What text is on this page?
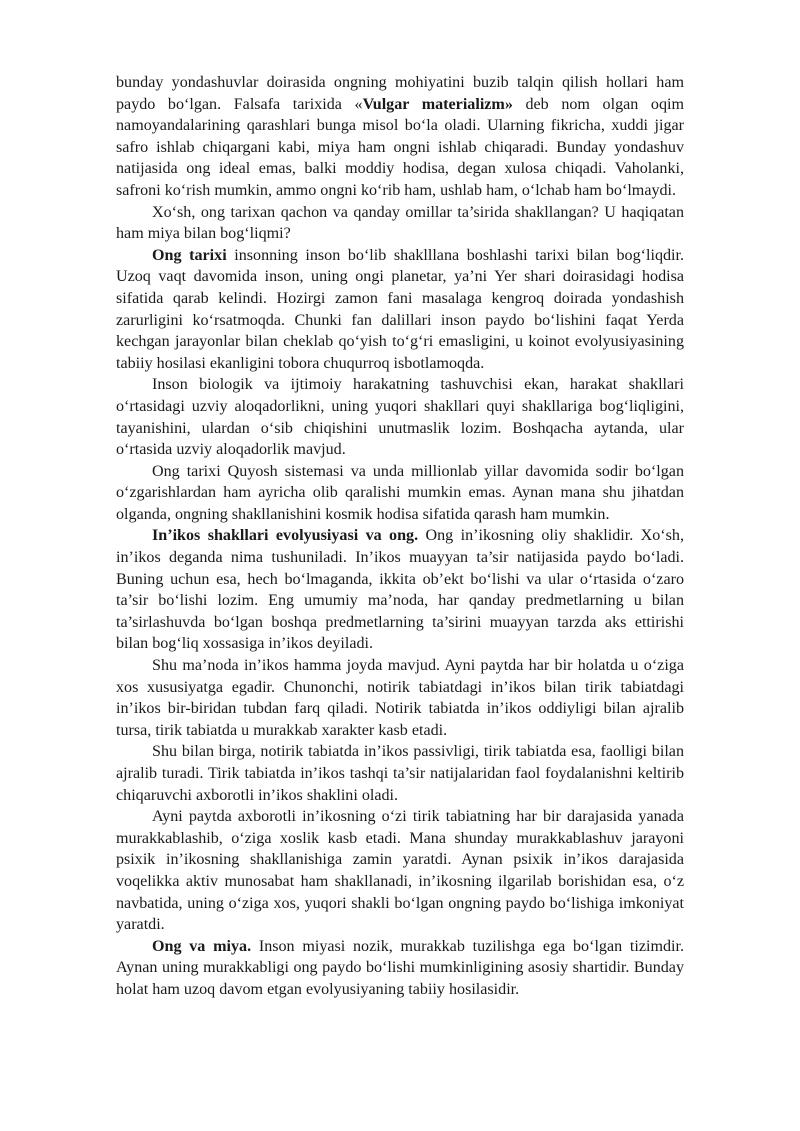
bunday yondashuvlar doirasida ongning mohiyatini buzib talqin qilish hollari ham paydo bo‘lgan. Falsafa tarixida «Vulgar materializm» deb nom olgan oqim namoyandalarining qarashlari bunga misol bo‘la oladi. Ularning fikricha, xuddi jigar safro ishlab chiqargani kabi, miya ham ongni ishlab chiqaradi. Bunday yondashuv natijasida ong ideal emas, balki moddiy hodisa, degan xulosa chiqadi. Vaholanki, safroni ko‘rish mumkin, ammo ongni ko‘rib ham, ushlab ham, o‘lchab ham bo‘lmaydi.

Xo‘sh, ong tarixan qachon va qanday omillar ta’sirida shakllangan? U haqiqatan ham miya bilan bog‘liqmi?

Ong tarixi insonning inson bo‘lib shaklllana boshlashi tarixi bilan bog‘liqdir. Uzoq vaqt davomida inson, uning ongi planetar, ya’ni Yer shari doirasidagi hodisa sifatida qarab kelindi. Hozirgi zamon fani masalaga kengroq doirada yondashish zarurligini ko‘rsatmoqda. Chunki fan dalillari inson paydo bo‘lishini faqat Yerda kechgan jarayonlar bilan cheklab qo‘yish to‘g‘ri emasligini, u koinot evolyusiyasining tabiiy hosilasi ekanligini tobora chuqurroq isbotlamoqda.

Inson biologik va ijtimoiy harakatning tashuvchisi ekan, harakat shakllari o‘rtasidagi uzviy aloqadorlikni, uning yuqori shakllari quyi shakllariga bog‘liqligini, tayanishini, ulardan o‘sib chiqishini unutmaslik lozim. Boshqacha aytanda, ular o‘rtasida uzviy aloqadorlik mavjud.

Ong tarixi Quyosh sistemasi va unda millionlab yillar davomida sodir bo‘lgan o‘zgarishlardan ham ayricha olib qaralishi mumkin emas. Aynan mana shu jihatdan olganda, ongning shakllanishini kosmik hodisa sifatida qarash ham mumkin.

In’ikos shakllari evolyusiyasi va ong. Ong in’ikosning oliy shaklidir. Xo‘sh, in’ikos deganda nima tushuniladi. In’ikos muayyan ta’sir natijasida paydo bo‘ladi. Buning uchun esa, hech bo‘lmaganda, ikkita ob’ekt bo‘lishi va ular o‘rtasida o‘zaro ta’sir bo‘lishi lozim. Eng umumiy ma’noda, har qanday predmetlarning u bilan ta’sirlashuvda bo‘lgan boshqa predmetlarning ta’sirini muayyan tarzda aks ettirishi bilan bog‘liq xossasiga in’ikos deyiladi.

Shu ma’noda in’ikos hamma joyda mavjud. Ayni paytda har bir holatda u o‘ziga xos xususiyatga egadir. Chunonchi, notirik tabiatdagi in’ikos bilan tirik tabiatdagi in’ikos bir-biridan tubdan farq qiladi. Notirik tabiatda in’ikos oddiyligi bilan ajralib tursa, tirik tabiatda u murakkab xarakter kasb etadi.

Shu bilan birga, notirik tabiatda in’ikos passivligi, tirik tabiatda esa, faolligi bilan ajralib turadi. Tirik tabiatda in’ikos tashqi ta’sir natijalaridan faol foydalanishni keltirib chiqaruvchi axborotli in’ikos shaklini oladi.

Ayni paytda axborotli in’ikosning o‘zi tirik tabiatning har bir darajasida yanada murakkablashib, o‘ziga xoslik kasb etadi. Mana shunday murakkablashuv jarayoni psixik in’ikosning shakllanishiga zamin yaratdi. Aynan psixik in’ikos darajasida voqelikka aktiv munosabat ham shakllanadi, in’ikosning ilgarilab borishidan esa, o‘z navbatida, uning o‘ziga xos, yuqori shakli bo‘lgan ongning paydo bo‘lishiga imkoniyat yaratdi.

Ong va miya. Inson miyasi nozik, murakkab tuzilishga ega bo‘lgan tizimdir. Aynan uning murakkabligi ong paydo bo‘lishi mumkinligining asosiy shartidir. Bunday holat ham uzoq davom etgan evolyusiyaning tabiiy hosilasidir.
